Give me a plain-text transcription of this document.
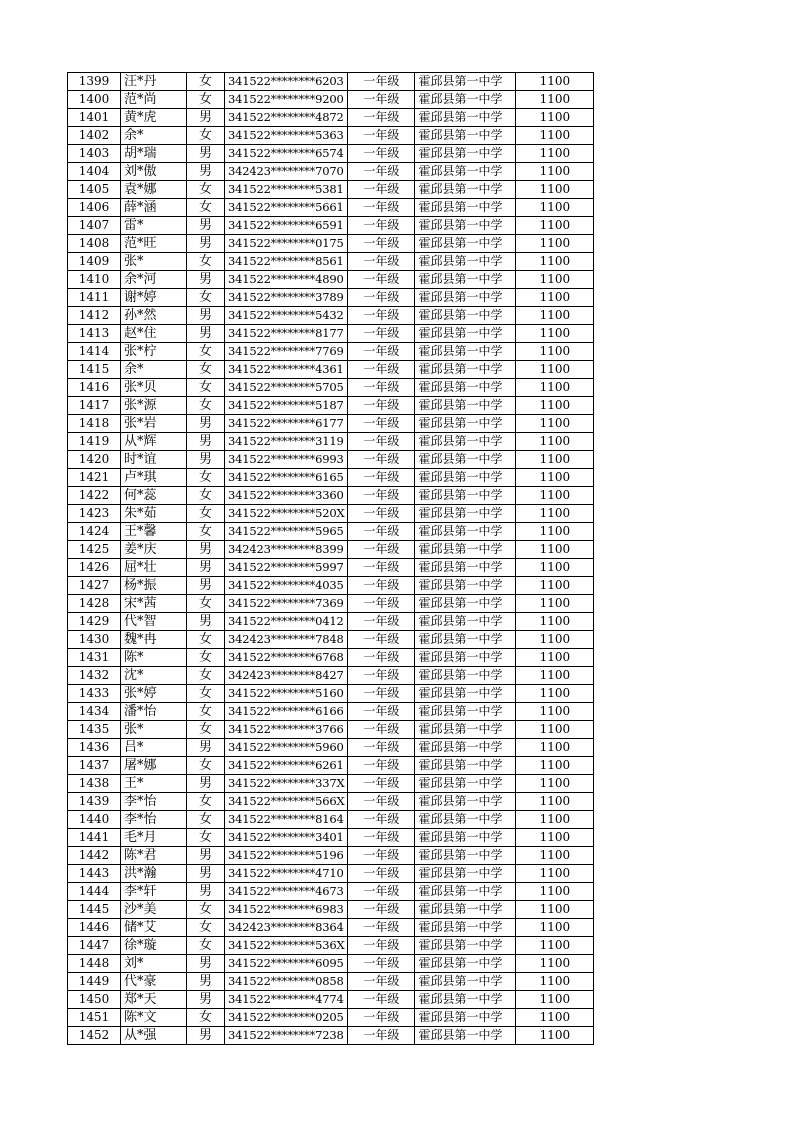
1399	汪*丹	女	341522********6203	一年级	霍邱县第一中学	1100
1400	范*尚	女	341522********9200	一年级	霍邱县第一中学	1100
1401	黄*虎	男	341522********4872	一年级	霍邱县第一中学	1100
1402	余*	女	341522********5363	一年级	霍邱县第一中学	1100
1403	胡*瑞	男	341522********6574	一年级	霍邱县第一中学	1100
1404	刘*傲	男	342423********7070	一年级	霍邱县第一中学	1100
1405	袁*娜	女	341522********5381	一年级	霍邱县第一中学	1100
1406	薛*涵	女	341522********5661	一年级	霍邱县第一中学	1100
1407	雷*	男	341522********6591	一年级	霍邱县第一中学	1100
1408	范*旺	男	341522********0175	一年级	霍邱县第一中学	1100
1409	张*	女	341522********8561	一年级	霍邱县第一中学	1100
1410	余*河	男	341522********4890	一年级	霍邱县第一中学	1100
1411	谢*婷	女	341522********3789	一年级	霍邱县第一中学	1100
1412	孙*然	男	341522********5432	一年级	霍邱县第一中学	1100
1413	赵*住	男	341522********8177	一年级	霍邱县第一中学	1100
1414	张*柠	女	341522********7769	一年级	霍邱县第一中学	1100
1415	余*	女	341522********4361	一年级	霍邱县第一中学	1100
1416	张*贝	女	341522********5705	一年级	霍邱县第一中学	1100
1417	张*源	女	341522********5187	一年级	霍邱县第一中学	1100
1418	张*岩	男	341522********6177	一年级	霍邱县第一中学	1100
1419	从*辉	男	341522********3119	一年级	霍邱县第一中学	1100
1420	时*谊	男	341522********6993	一年级	霍邱县第一中学	1100
1421	卢*琪	女	341522********6165	一年级	霍邱县第一中学	1100
1422	何*蕊	女	341522********3360	一年级	霍邱县第一中学	1100
1423	朱*茹	女	341522********520X	一年级	霍邱县第一中学	1100
1424	王*馨	女	341522********5965	一年级	霍邱县第一中学	1100
1425	姜*庆	男	342423********8399	一年级	霍邱县第一中学	1100
1426	屈*壮	男	341522********5997	一年级	霍邱县第一中学	1100
1427	杨*振	男	341522********4035	一年级	霍邱县第一中学	1100
1428	宋*茜	女	341522********7369	一年级	霍邱县第一中学	1100
1429	代*智	男	341522********0412	一年级	霍邱县第一中学	1100
1430	魏*冉	女	342423********7848	一年级	霍邱县第一中学	1100
1431	陈*	女	341522********6768	一年级	霍邱县第一中学	1100
1432	沈*	女	342423********8427	一年级	霍邱县第一中学	1100
1433	张*婷	女	341522********5160	一年级	霍邱县第一中学	1100
1434	潘*怡	女	341522********6166	一年级	霍邱县第一中学	1100
1435	张*	女	341522********3766	一年级	霍邱县第一中学	1100
1436	吕*	男	341522********5960	一年级	霍邱县第一中学	1100
1437	屠*娜	女	341522********6261	一年级	霍邱县第一中学	1100
1438	王*	男	341522********337X	一年级	霍邱县第一中学	1100
1439	李*怡	女	341522********566X	一年级	霍邱县第一中学	1100
1440	李*怡	女	341522********8164	一年级	霍邱县第一中学	1100
1441	毛*月	女	341522********3401	一年级	霍邱县第一中学	1100
1442	陈*君	男	341522********5196	一年级	霍邱县第一中学	1100
1443	洪*瀚	男	341522********4710	一年级	霍邱县第一中学	1100
1444	李*轩	男	341522********4673	一年级	霍邱县第一中学	1100
1445	沙*美	女	341522********6983	一年级	霍邱县第一中学	1100
1446	储*艾	女	342423********8364	一年级	霍邱县第一中学	1100
1447	徐*璇	女	341522********536X	一年级	霍邱县第一中学	1100
1448	刘*	男	341522********6095	一年级	霍邱县第一中学	1100
1449	代*豪	男	341522********0858	一年级	霍邱县第一中学	1100
1450	郑*天	男	341522********4774	一年级	霍邱县第一中学	1100
1451	陈*文	女	341522********0205	一年级	霍邱县第一中学	1100
1452	从*强	男	341522********7238	一年级	霍邱县第一中学	1100
